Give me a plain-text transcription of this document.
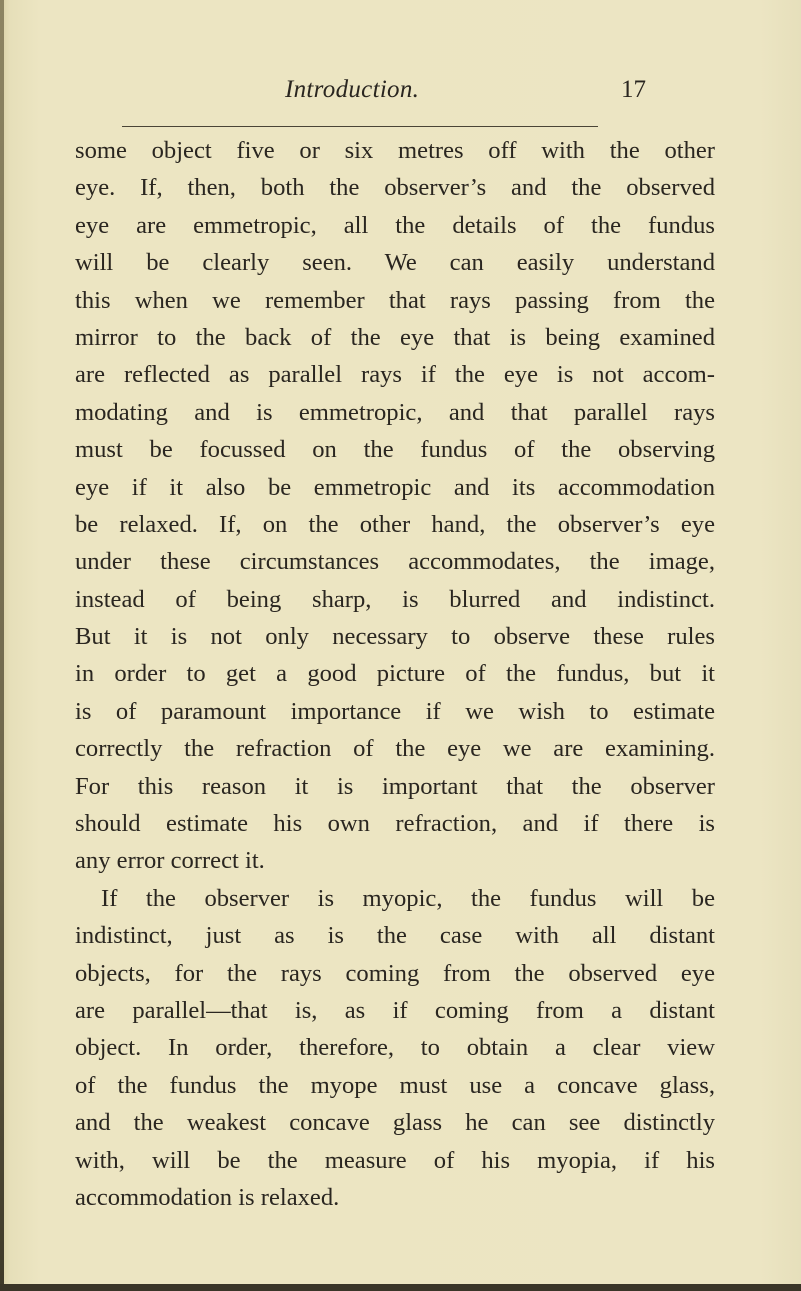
Introduction.	17
some object five or six metres off with the other
eye. If, then, both the observer’s and the observed
eye are emmetropic, all the details of the fundus
will be clearly seen. We can easily understand
this when we remember that rays passing from the
mirror to the back of the eye that is being examined
are reflected as parallel rays if the eye is not accom-
modating and is emmetropic, and that parallel rays
must be focussed on the fundus of the observing
eye if it also be emmetropic and its accommodation
be relaxed. If, on the other hand, the observer’s eye
under these circumstances accommodates, the image,
instead of being sharp, is blurred and indistinct.
But it is not only necessary to observe these rules
in order to get a good picture of the fundus, but it
is of paramount importance if we wish to estimate
correctly the refraction of the eye we are examining.
For this reason it is important that the observer
should estimate his own refraction, and if there is
any error correct it.
If the observer is myopic, the fundus will be
indistinct, just as is the case with all distant
objects, for the rays coming from the observed eye
are parallel—that is, as if coming from a distant
object. In order, therefore, to obtain a clear view
of the fundus the myope must use a concave glass,
and the weakest concave glass he can see distinctly
with, will be the measure of his myopia, if his
accommodation is relaxed.
